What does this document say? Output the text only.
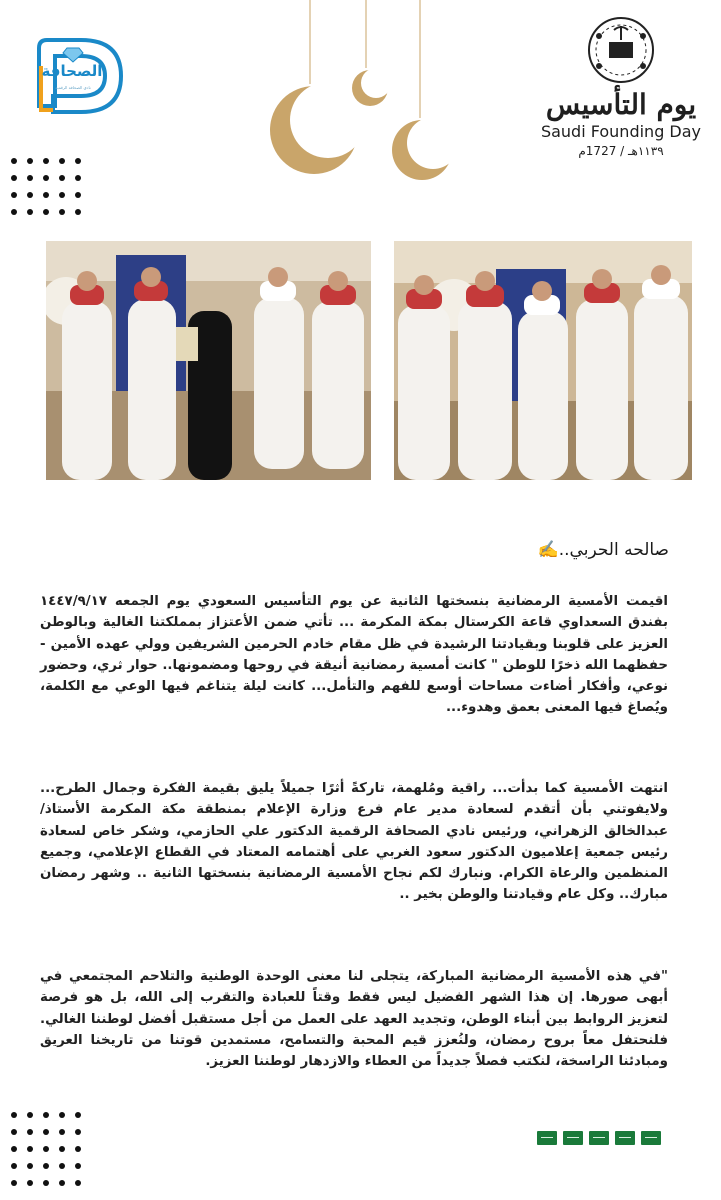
الصحافة
نادي الصحافة الرقمية
يوم التأسيس
Saudi Founding Day
١١٣٩هـ / 1727م
صالحه الحربي..✍️
اقيمت الأمسية الرمضانية بنسختها الثانية عن يوم التأسيس السعودي يوم الجمعه ١٤٤٧/٩/١٧ بفندق السعداوي قاعة الكرستال بمكة المكرمة ... تأتي ضمن الأعتزاز بمملكتنا الغالية وبالوطن العزيز على قلوبنا وبقيادتنا الرشيدة في ظل مقام خادم الحرمين الشريفين وولي عهده الأمين - حفظهما الله ذخرًا للوطن " كانت أمسية رمضانية أنيقة في روحها ومضمونها.. حوار ثري، وحضور نوعي، وأفكار أضاءت مساحات أوسع للفهم والتأمل... كانت ليلة يتناغم فيها الوعي مع الكلمة، ويُصاغ فيها المعنى بعمق وهدوء...
انتهت الأمسية كما بدأت... راقية ومُلهمة، تاركةً أثرًا جميلاً يليق بقيمة الفكرة وجمال الطرح... ولايفوتني بأن أتقدم لسعادة مدير عام فرع وزارة الإعلام بمنطقة مكة المكرمة الأستاذ/ عبدالخالق الزهراني، ورئيس نادي الصحافة الرقمية الدكتور علي الحازمي، وشكر خاص لسعادة رئيس جمعية إعلاميون الدكتور سعود الغربي على أهتمامه المعتاد في القطاع الإعلامي، وجميع المنظمين والرعاة الكرام. ونبارك لكم نجاح الأمسية الرمضانية بنسختها الثانية .. وشهر رمضان مبارك.. وكل عام وقيادتنا والوطن بخير ..
"في هذه الأمسية الرمضانية المباركة، يتجلى لنا معنى الوحدة الوطنية والتلاحم المجتمعي في أبهى صورها. إن هذا الشهر الفضيل ليس فقط وقتاً للعبادة والتقرب إلى الله، بل هو فرصة لتعزيز الروابط بين أبناء الوطن، وتجديد العهد على العمل من أجل مستقبل أفضل لوطننا الغالي. فلنحتفل معاً بروح رمضان، ولنُعزز قيم المحبة والتسامح، مستمدين قوتنا من تاريخنا العريق ومبادئنا الراسخة، لنكتب فصلاً جديداً من العطاء والازدهار لوطننا العزيز.
